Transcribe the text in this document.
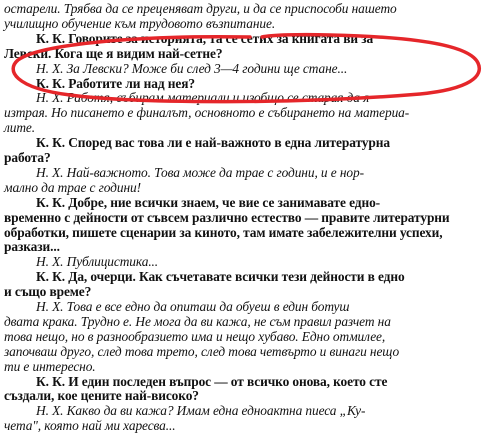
остарели. Трябва да се преценяват други, и да се приспособи нашето
училищно обучение към трудовото възпитание.
К. К. Говорите за историята, та се сетих за книгата ви за
Левски. Кога ще я видим най-сетне?
Н. Х. За Левски? Може би след 3—4 години ще стане...
К. К. Работите ли над нея?
Н. Х. Работя, събирам материали и изобщо се старая да я
изтрая. Но писането е финалът, основното е събирането на материа-
лите.
К. К. Според вас това ли е най-важното в една литературна
работа?
Н. Х. Най-важното. Това може да трае с години, и е нор-
мално да трае с години!
К. К. Добре, ние всички знаем, че вие се занимавате едно-
временно с дейности от съвсем различно естество — правите литературни
обработки, пишете сценарии за киното, там имате забележителни успехи,
разкази...
Н. Х. Публицистика...
К. К. Да, очерци. Как съчетавате всички тези дейности в едно
и също време?
Н. Х. Това е все едно да опиташ да обуеш в един ботуш
двата крака. Трудно е. Не мога да ви кажа, не съм правил разчет на
това нещо, но в разнообразието има и нещо хубаво. Едно отмилее,
започваш друго, след това трето, след това четвърто и винаги нещо
ти е интересно.
К. К. И един последен въпрос — от всичко онова, което сте
създали, кое цените най-високо?
Н. Х. Какво да ви кажа? Имам една едноактна пиеса „Ку-
чета", която най ми харесва...
